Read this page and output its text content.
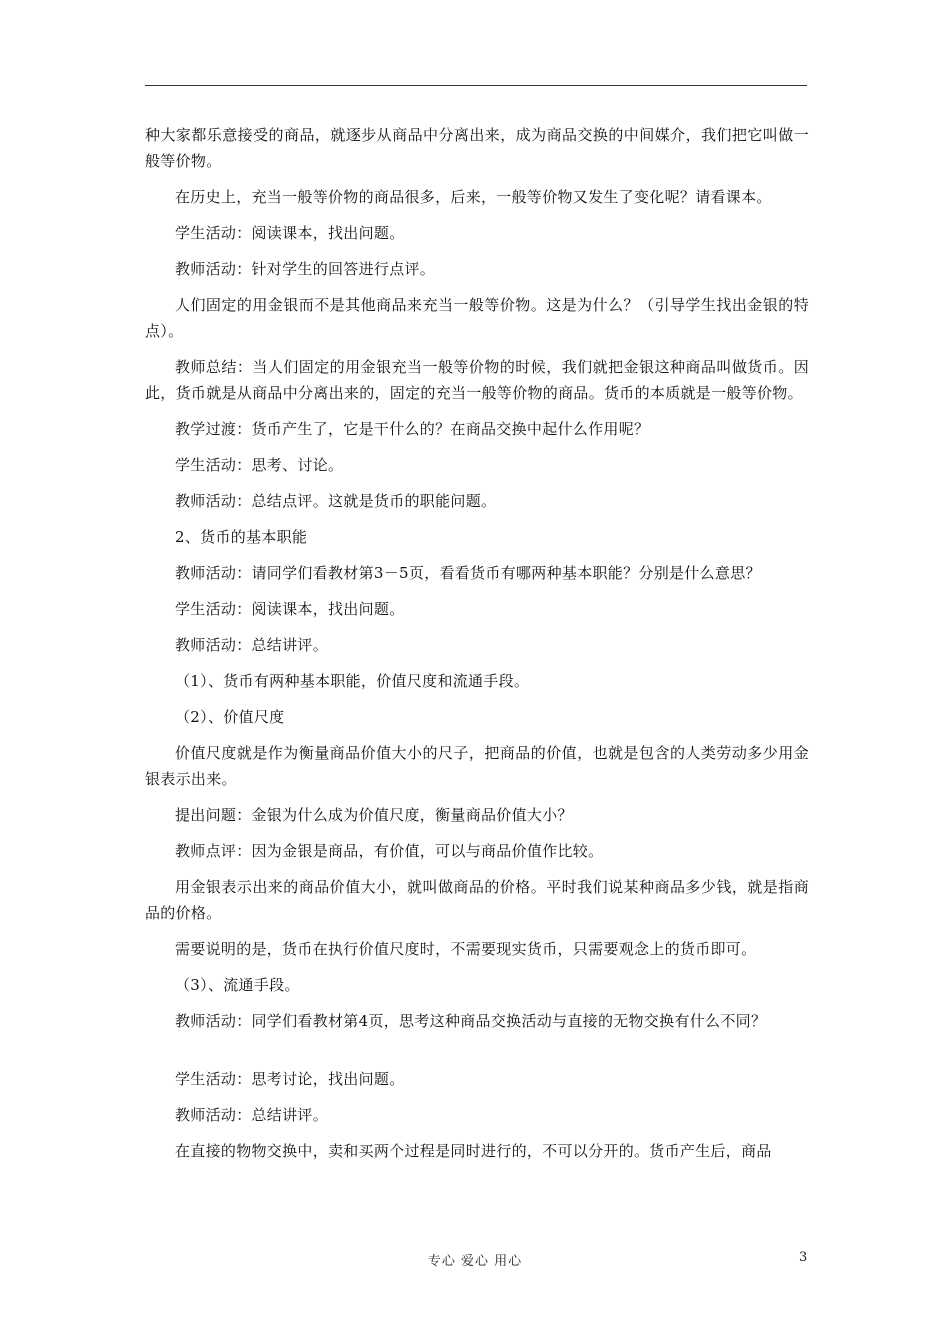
种大家都乐意接受的商品，就逐步从商品中分离出来，成为商品交换的中间媒介，我们把它叫做一般等价物。

在历史上，充当一般等价物的商品很多，后来，一般等价物又发生了变化呢？请看课本。

学生活动：阅读课本，找出问题。

教师活动：针对学生的回答进行点评。

人们固定的用金银而不是其他商品来充当一般等价物。这是为什么？（引导学生找出金银的特点）。

教师总结：当人们固定的用金银充当一般等价物的时候，我们就把金银这种商品叫做货币。因此，货币就是从商品中分离出来的，固定的充当一般等价物的商品。货币的本质就是一般等价物。

教学过渡：货币产生了，它是干什么的？在商品交换中起什么作用呢？

学生活动：思考、讨论。

教师活动：总结点评。这就是货币的职能问题。

2、货币的基本职能

教师活动：请同学们看教材第3－5页，看看货币有哪两种基本职能？分别是什么意思？

学生活动：阅读课本，找出问题。

教师活动：总结讲评。

（1）、货币有两种基本职能，价值尺度和流通手段。

（2）、价值尺度

价值尺度就是作为衡量商品价值大小的尺子，把商品的价值，也就是包含的人类劳动多少用金银表示出来。

提出问题：金银为什么成为价值尺度，衡量商品价值大小？

教师点评：因为金银是商品，有价值，可以与商品价值作比较。

用金银表示出来的商品价值大小，就叫做商品的价格。平时我们说某种商品多少钱，就是指商品的价格。

需要说明的是，货币在执行价值尺度时，不需要现实货币，只需要观念上的货币即可。

（3）、流通手段。

教师活动：同学们看教材第4页，思考这种商品交换活动与直接的无物交换有什么不同？

学生活动：思考讨论，找出问题。

教师活动：总结讲评。

在直接的物物交换中，卖和买两个过程是同时进行的，不可以分开的。货币产生后，商品

专心 爱心 用心	3
